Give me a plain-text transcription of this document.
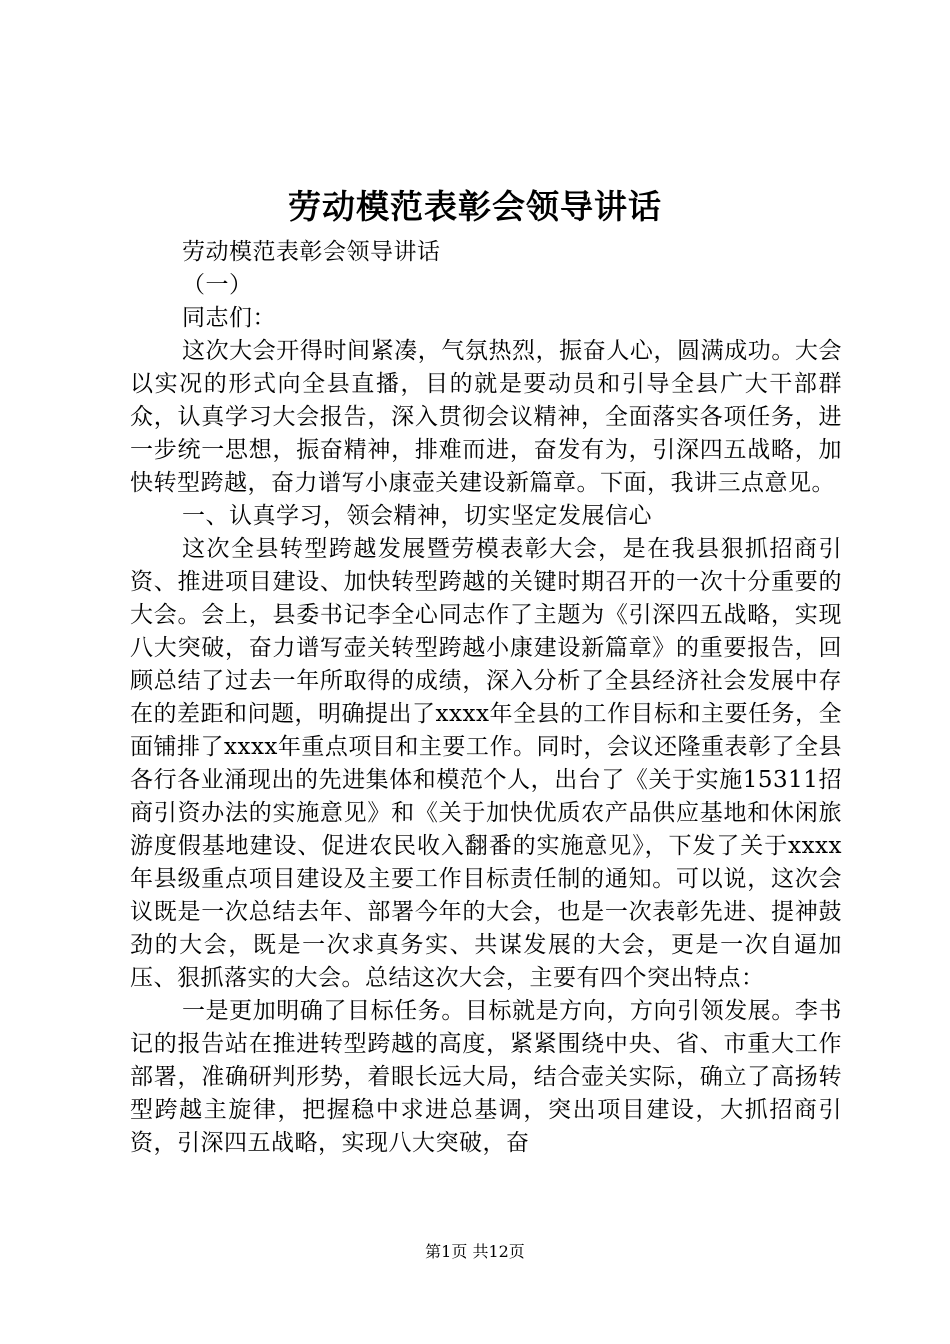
劳动模范表彰会领导讲话

劳动模范表彰会领导讲话

（一）

同志们：

这次大会开得时间紧凑，气氛热烈，振奋人心，圆满成功。大会以实况的形式向全县直播，目的就是要动员和引导全县广大干部群众，认真学习大会报告，深入贯彻会议精神，全面落实各项任务，进一步统一思想，振奋精神，排难而进，奋发有为，引深四五战略，加快转型跨越，奋力谱写小康壶关建设新篇章。下面，我讲三点意见。

一、认真学习，领会精神，切实坚定发展信心

这次全县转型跨越发展暨劳模表彰大会，是在我县狠抓招商引资、推进项目建设、加快转型跨越的关键时期召开的一次十分重要的大会。会上，县委书记李全心同志作了主题为《引深四五战略，实现八大突破，奋力谱写壶关转型跨越小康建设新篇章》的重要报告，回顾总结了过去一年所取得的成绩，深入分析了全县经济社会发展中存在的差距和问题，明确提出了xxxx年全县的工作目标和主要任务，全面铺排了xxxx年重点项目和主要工作。同时，会议还隆重表彰了全县各行各业涌现出的先进集体和模范个人，出台了《关于实施15311招商引资办法的实施意见》和《关于加快优质农产品供应基地和休闲旅游度假基地建设、促进农民收入翻番的实施意见》，下发了关于xxxx年县级重点项目建设及主要工作目标责任制的通知。可以说，这次会议既是一次总结去年、部署今年的大会，也是一次表彰先进、提神鼓劲的大会，既是一次求真务实、共谋发展的大会，更是一次自逼加压、狠抓落实的大会。总结这次大会，主要有四个突出特点：

一是更加明确了目标任务。目标就是方向，方向引领发展。李书记的报告站在推进转型跨越的高度，紧紧围绕中央、省、市重大工作部署，准确研判形势，着眼长远大局，结合壶关实际，确立了高扬转型跨越主旋律，把握稳中求进总基调，突出项目建设，大抓招商引资，引深四五战略，实现八大突破，奋

第1页 共12页
